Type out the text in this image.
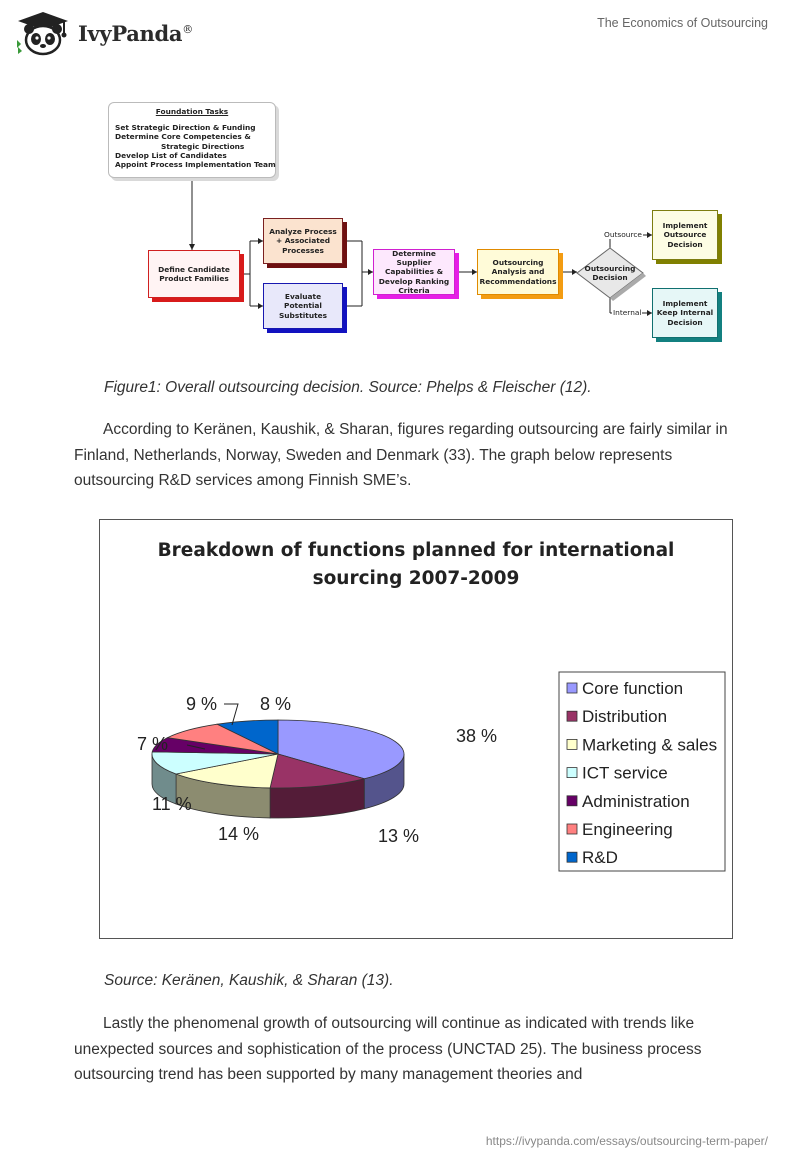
IvyPanda®	The Economics of Outsourcing
Foundation Tasks
Set Strategic Direction & Funding
Determine Core Competencies &
Strategic Directions
Develop List of Candidates
Appoint Process Implementation Team
Define Candidate Product Families
Analyze Process + Associated Processes
Evaluate Potential Substitutes
Determine Supplier Capabilities & Develop Ranking Criteria
Outsourcing Analysis and Recommendations
Outsourcing Decision
Outsource
Internal
Implement Outsource Decision
Implement Keep Internal Decision
Figure1: Overall outsourcing decision. Source: Phelps & Fleischer (12).

According to Keränen, Kaushik, & Sharan, figures regarding outsourcing are fairly similar in Finland, Netherlands, Norway, Sweden and Denmark (33). The graph below represents outsourcing R&D services among Finnish SME’s.

Breakdown of functions planned for international
sourcing 2007-2009
38 %
13 %
14 %
11 %
7 %
9 % 8 %
Core function
Distribution
Marketing & sales
ICT service
Administration
Engineering
R&D
Source: Keränen, Kaushik, & Sharan (13).

Lastly the phenomenal growth of outsourcing will continue as indicated with trends like unexpected sources and sophistication of the process (UNCTAD 25). The business process outsourcing trend has been supported by many management theories and

https://ivypanda.com/essays/outsourcing-term-paper/
